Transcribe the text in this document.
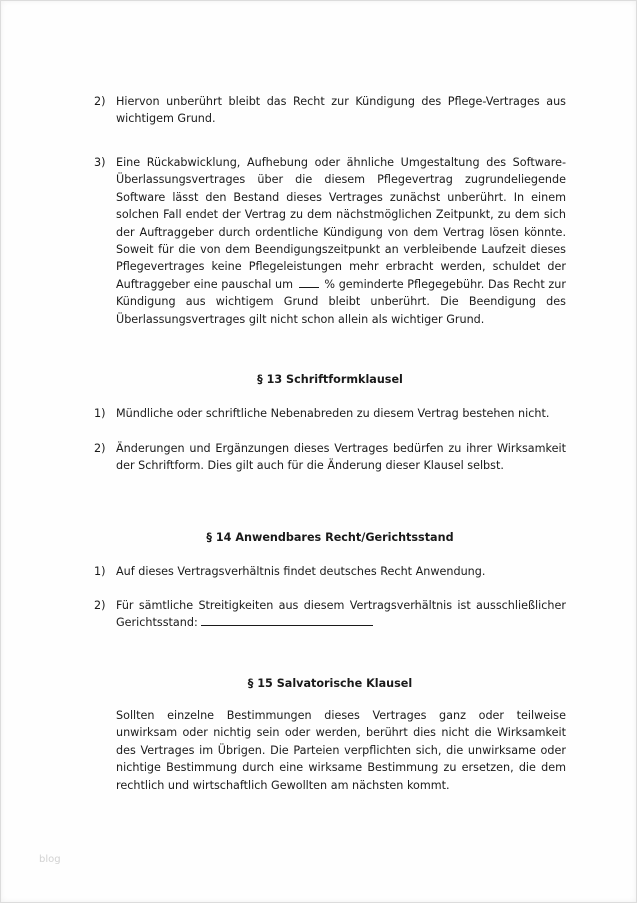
2) Hiervon unberührt bleibt das Recht zur Kündigung des Pflege-Vertrages aus wichtigem Grund.
3) Eine Rückabwicklung, Aufhebung oder ähnliche Umgestaltung des Software-Überlassungsvertrages über die diesem Pflegevertrag zugrundeliegende Software lässt den Bestand dieses Vertrages zunächst unberührt. In einem solchen Fall endet der Vertrag zu dem nächstmöglichen Zeitpunkt, zu dem sich der Auftraggeber durch ordentliche Kündigung von dem Vertrag lösen könnte. Soweit für die von dem Beendigungszeitpunkt an verbleibende Laufzeit dieses Pflegevertrages keine Pflegeleistungen mehr erbracht werden, schuldet der Auftraggeber eine pauschal um	% geminderte Pflegegebühr. Das Recht zur Kündigung aus wichtigem Grund bleibt unberührt. Die Beendigung des Überlassungsvertrages gilt nicht schon allein als wichtiger Grund.
§ 13 Schriftformklausel
1) Mündliche oder schriftliche Nebenabreden zu diesem Vertrag bestehen nicht.
2) Änderungen und Ergänzungen dieses Vertrages bedürfen zu ihrer Wirksamkeit der Schriftform. Dies gilt auch für die Änderung dieser Klausel selbst.
§ 14 Anwendbares Recht/Gerichtsstand
1) Auf dieses Vertragsverhältnis findet deutsches Recht Anwendung.
2) Für sämtliche Streitigkeiten aus diesem Vertragsverhältnis ist ausschließlicher Gerichtsstand:
§ 15 Salvatorische Klausel
Sollten einzelne Bestimmungen dieses Vertrages ganz oder teilweise unwirksam oder nichtig sein oder werden, berührt dies nicht die Wirksamkeit des Vertrages im Übrigen. Die Parteien verpflichten sich, die unwirksame oder nichtige Bestimmung durch eine wirksame Bestimmung zu ersetzen, die dem rechtlich und wirtschaftlich Gewollten am nächsten kommt.
blog
